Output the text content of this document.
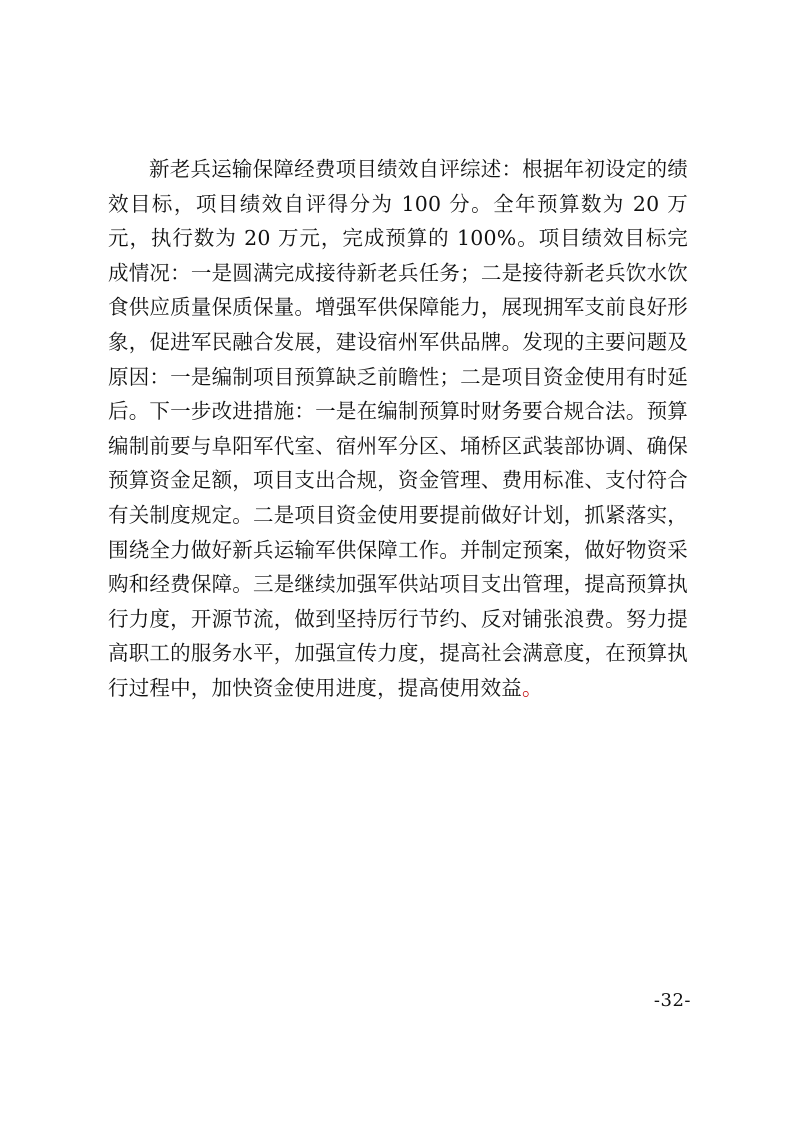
新老兵运输保障经费项目绩效自评综述：根据年初设定的绩效目标，项目绩效自评得分为 100 分。全年预算数为 20 万元，执行数为 20 万元，完成预算的 100%。项目绩效目标完成情况：一是圆满完成接待新老兵任务；二是接待新老兵饮水饮食供应质量保质保量。增强军供保障能力，展现拥军支前良好形象，促进军民融合发展，建设宿州军供品牌。发现的主要问题及原因：一是编制项目预算缺乏前瞻性；二是项目资金使用有时延后。下一步改进措施：一是在编制预算时财务要合规合法。预算编制前要与阜阳军代室、宿州军分区、埇桥区武装部协调、确保预算资金足额，项目支出合规，资金管理、费用标准、支付符合有关制度规定。二是项目资金使用要提前做好计划，抓紧落实，围绕全力做好新兵运输军供保障工作。并制定预案，做好物资采购和经费保障。三是继续加强军供站项目支出管理，提高预算执行力度，开源节流，做到坚持厉行节约、反对铺张浪费。努力提高职工的服务水平，加强宣传力度，提高社会满意度，在预算执行过程中，加快资金使用进度，提高使用效益。

-32-
